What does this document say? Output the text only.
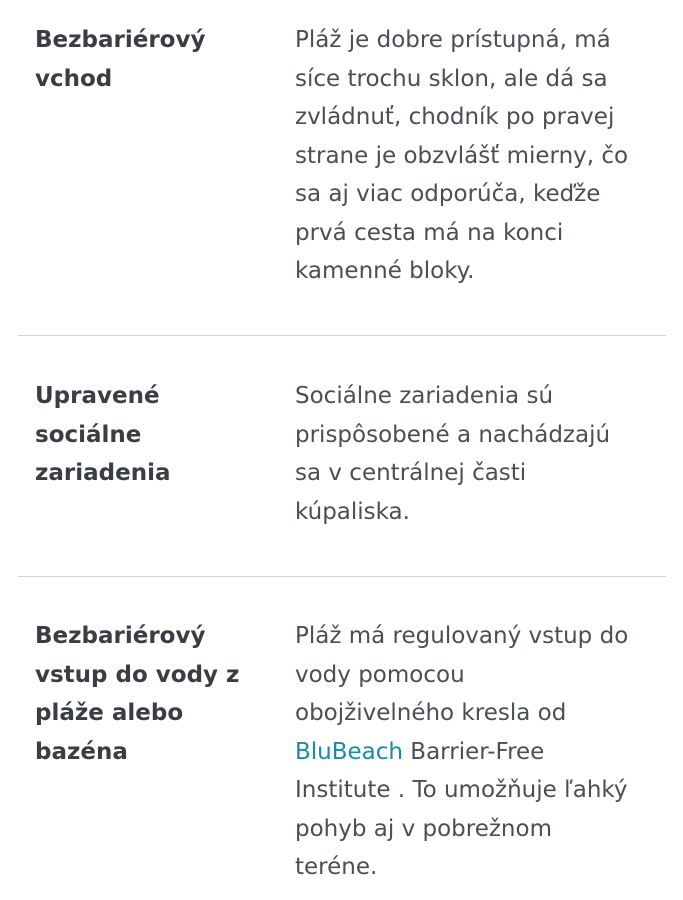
Bezbariérový
vchod
Pláž je dobre prístupná, má
síce trochu sklon, ale dá sa
zvládnuť, chodník po pravej
strane je obzvlášť mierny, čo
sa aj viac odporúča, keďže
prvá cesta má na konci
kamenné bloky.
Upravené
sociálne
zariadenia
Sociálne zariadenia sú
prispôsobené a nachádzajú
sa v centrálnej časti
kúpaliska.
Bezbariérový
vstup do vody z
pláže alebo
bazéna
Pláž má regulovaný vstup do
vody pomocou
obojživelného kresla od
BluBeach Barrier-Free
Institute . To umožňuje ľahký
pohyb aj v pobrežnom
teréne.
